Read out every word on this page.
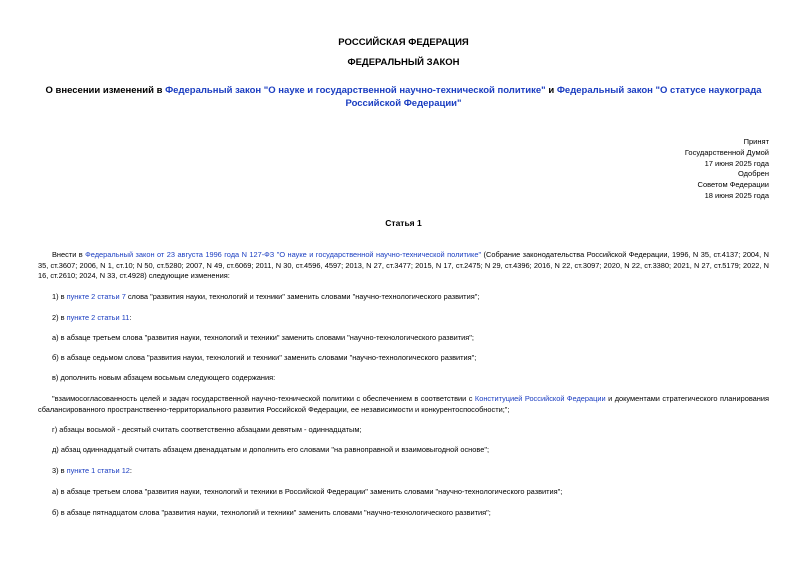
РОССИЙСКАЯ ФЕДЕРАЦИЯ
ФЕДЕРАЛЬНЫЙ ЗАКОН
О внесении изменений в Федеральный закон "О науке и государственной научно-технической политике" и Федеральный закон "О статусе наукограда Российской Федерации"
Принят
Государственной Думой
17 июня 2025 года
Одобрен
Советом Федерации
18 июня 2025 года
Статья 1
Внести в Федеральный закон от 23 августа 1996 года N 127-ФЗ "О науке и государственной научно-технической политике" (Собрание законодательства Российской Федерации, 1996, N 35, ст.4137; 2004, N 35, ст.3607; 2006, N 1, ст.10; N 50, ст.5280; 2007, N 49, ст.6069; 2011, N 30, ст.4596, 4597; 2013, N 27, ст.3477; 2015, N 17, ст.2475; N 29, ст.4396; 2016, N 22, ст.3097; 2020, N 22, ст.3380; 2021, N 27, ст.5179; 2022, N 16, ст.2610; 2024, N 33, ст.4928) следующие изменения:
1) в пункте 2 статьи 7 слова "развития науки, технологий и техники" заменить словами "научно-технологического развития";
2) в пункте 2 статьи 11:
а) в абзаце третьем слова "развития науки, технологий и техники" заменить словами "научно-технологического развития";
б) в абзаце седьмом слова "развития науки, технологий и техники" заменить словами "научно-технологического развития";
в) дополнить новым абзацем восьмым следующего содержания:
"взаимосогласованность целей и задач государственной научно-технической политики с обеспечением в соответствии с Конституцией Российской Федерации и документами стратегического планирования сбалансированного пространственно-территориального развития Российской Федерации, ее независимости и конкурентоспособности;";
г) абзацы восьмой - десятый считать соответственно абзацами девятым - одиннадцатым;
д) абзац одиннадцатый считать абзацем двенадцатым и дополнить его словами "на равноправной и взаимовыгодной основе";
3) в пункте 1 статьи 12:
а) в абзаце третьем слова "развития науки, технологий и техники в Российской Федерации" заменить словами "научно-технологического развития";
б) в абзаце пятнадцатом слова "развития науки, технологий и техники" заменить словами "научно-технологического развития";
